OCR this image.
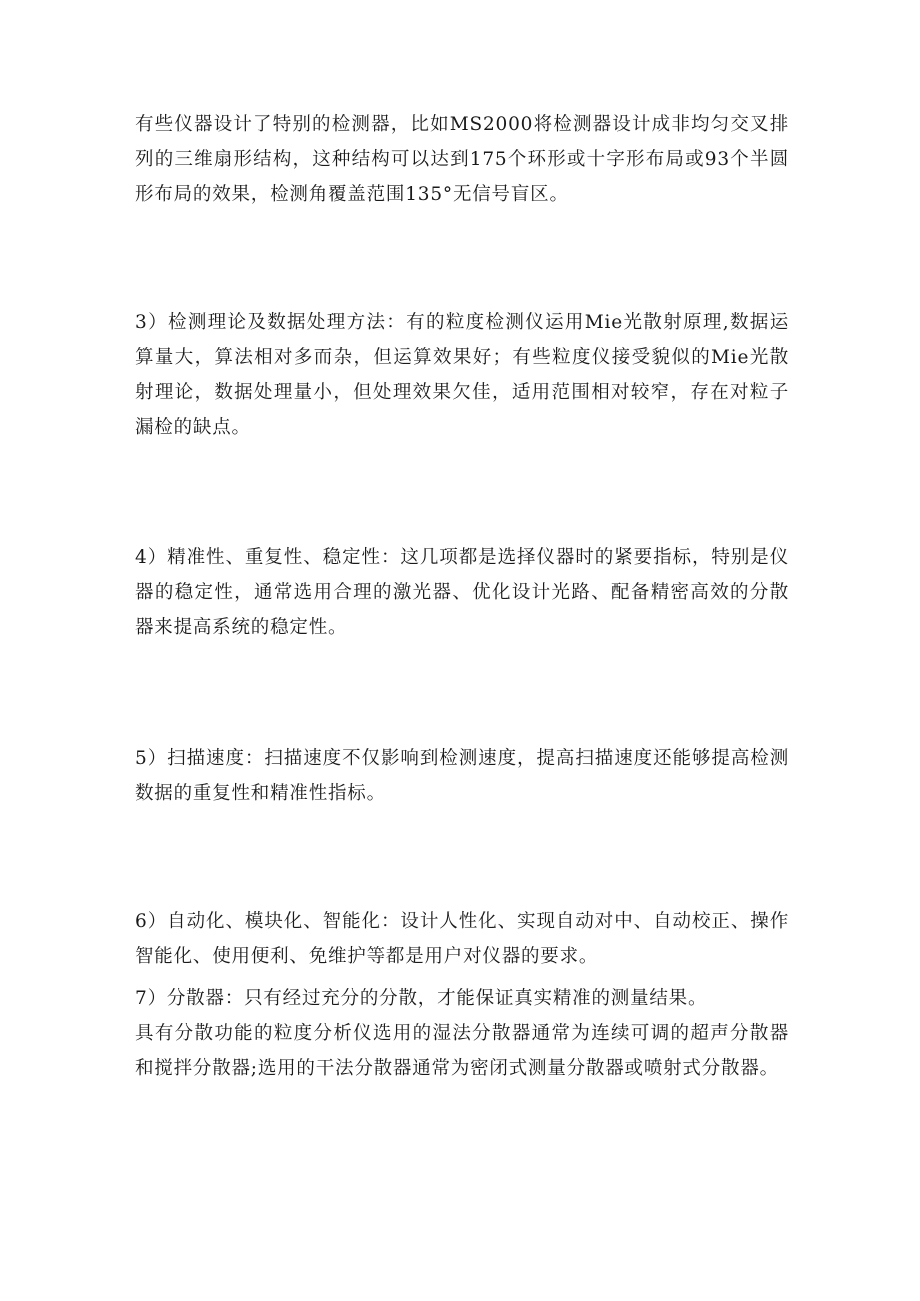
有些仪器设计了特别的检测器，比如MS2000将检测器设计成非均匀交叉排列的三维扇形结构，这种结构可以达到175个环形或十字形布局或93个半圆形布局的效果，检测角覆盖范围135°无信号盲区。

3）检测理论及数据处理方法：有的粒度检测仪运用Mie光散射原理,数据运算量大，算法相对多而杂，但运算效果好；有些粒度仪接受貌似的Mie光散射理论，数据处理量小，但处理效果欠佳，适用范围相对较窄，存在对粒子漏检的缺点。

4）精准性、重复性、稳定性：这几项都是选择仪器时的紧要指标，特别是仪器的稳定性，通常选用合理的激光器、优化设计光路、配备精密高效的分散器来提高系统的稳定性。

5）扫描速度：扫描速度不仅影响到检测速度，提高扫描速度还能够提高检测数据的重复性和精准性指标。

6）自动化、模块化、智能化：设计人性化、实现自动对中、自动校正、操作智能化、使用便利、免维护等都是用户对仪器的要求。

7）分散器：只有经过充分的分散，才能保证真实精准的测量结果。

具有分散功能的粒度分析仪选用的湿法分散器通常为连续可调的超声分散器和搅拌分散器;选用的干法分散器通常为密闭式测量分散器或喷射式分散器。
